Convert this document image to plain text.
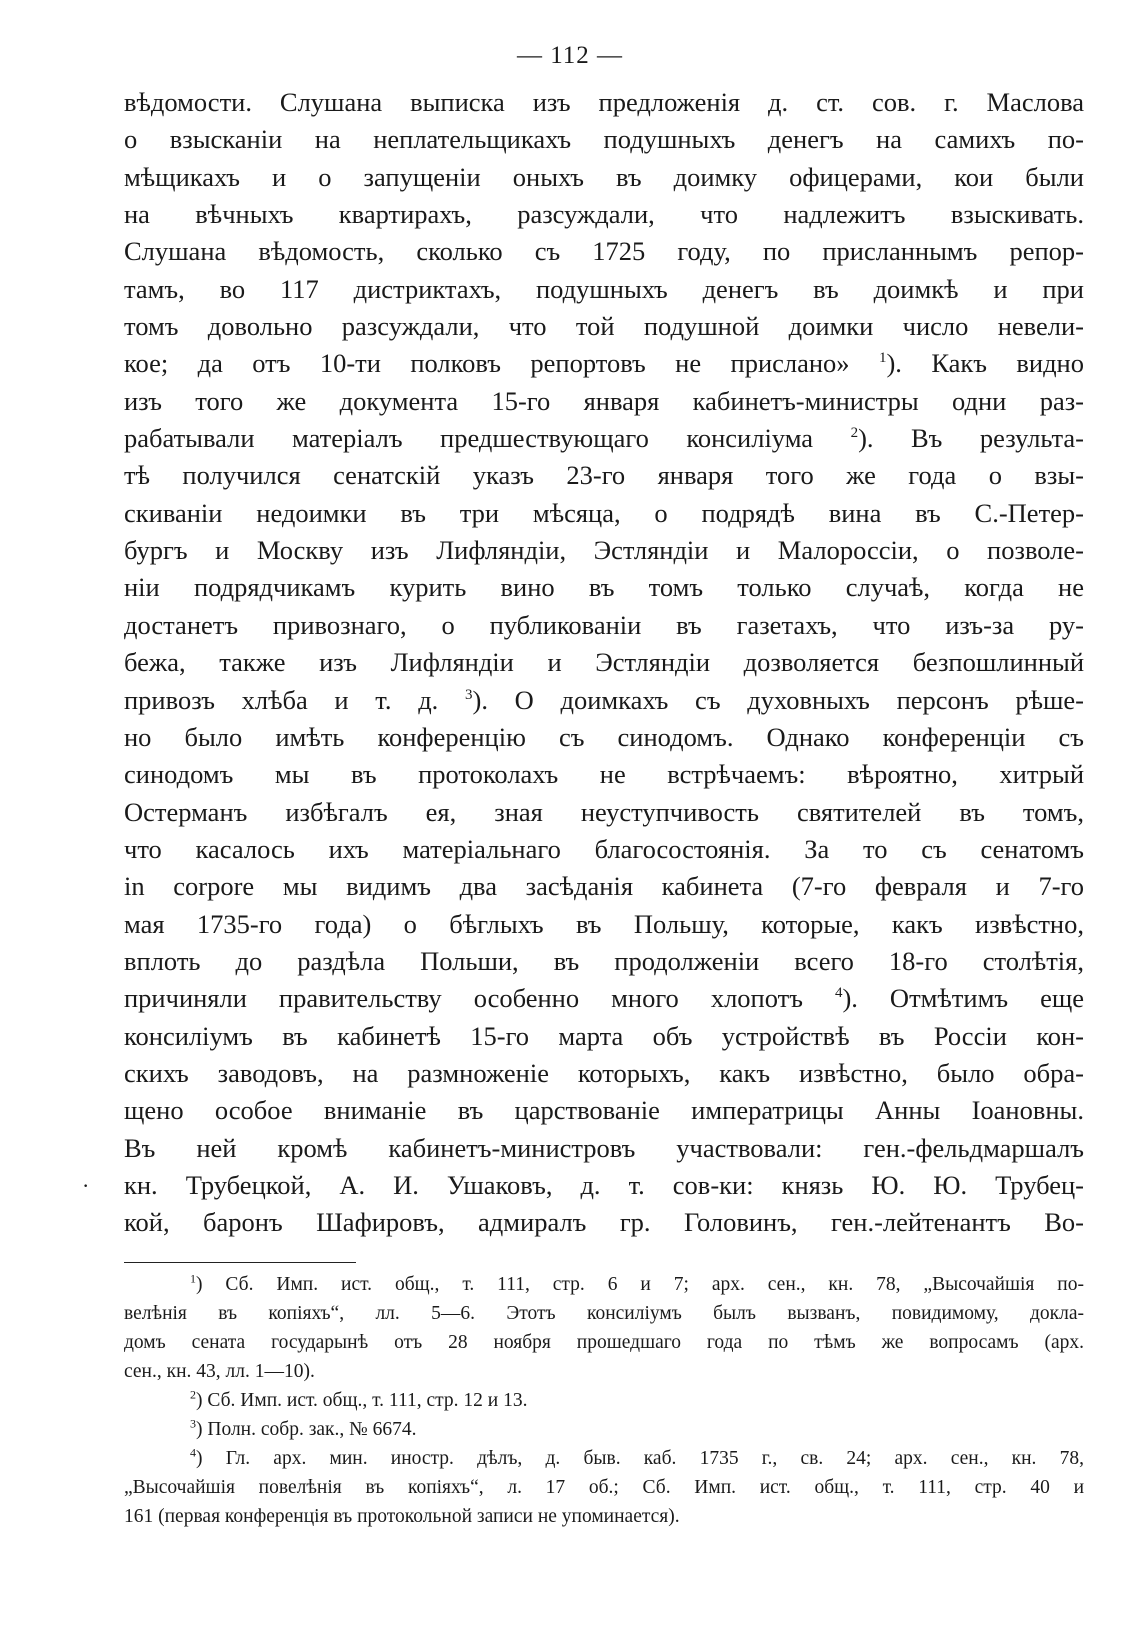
— 112 —
вѣдомости. Слушана выписка изъ предложенія д. ст. сов. г. Маслова
о взысканіи на неплательщикахъ подушныхъ денегъ на самихъ по-
мѣщикахъ и о запущеніи оныхъ въ доимку офицерами, кои были
на вѣчныхъ квартирахъ, разсуждали, что надлежитъ взыскивать.
Слушана вѣдомость, сколько съ 1725 году, по присланнымъ репор-
тамъ, во 117 дистриктахъ, подушныхъ денегъ въ доимкѣ и при
томъ довольно разсуждали, что той подушной доимки число невели-
кое; да отъ 10-ти полковъ репортовъ не прислано» $^1$). Какъ видно
изъ того же документа 15-го января кабинетъ-министры одни раз-
рабатывали матеріалъ предшествующаго консиліума	$^2$). Въ результа-
тѣ получился сенатскій указъ 23-го января того же года о взы-
скиваніи недоимки въ три мѣсяца, о подрядѣ вина въ С.-Петер-
бургъ и Москву изъ Лифляндіи, Эстляндіи и Малороссіи, о позволе-
ніи подрядчикамъ курить вино въ томъ только случаѣ, когда не
достанетъ привознаго, о публикованіи въ газетахъ, что изъ-за ру-
бежа, также изъ Лифляндіи и Эстляндіи дозволяется безпошлинный
привозъ хлѣба и т. д. $^3$). О доимкахъ съ духовныхъ персонъ рѣше-
но было имѣть конференцію съ синодомъ. Однако конференціи съ
синодомъ мы въ протоколахъ не встрѣчаемъ: вѣроятно, хитрый
Остерманъ избѣгалъ ея, зная неуступчивость святителей въ томъ,
что касалось ихъ матеріальнаго благосостоянія. За то съ сенатомъ
in corpore мы видимъ два засѣданія кабинета (7-го февраля и 7-го
мая 1735-го года) о бѣглыхъ въ Польшу, которые, какъ извѣстно,
вплоть до раздѣла Польши, въ продолженіи всего 18-го столѣтія,
причиняли правительству особенно много хлопотъ $^4$). Отмѣтимъ еще
консиліумъ въ кабинетѣ 15-го марта объ устройствѣ въ Россіи кон-
скихъ заводовъ, на размноженіе которыхъ, какъ извѣстно, было обра-
щено особое вниманіе въ царствованіе императрицы Анны Іоановны.
Въ ней кромѣ кабинетъ-министровъ участвовали: ген.-фельдмаршалъ
кн. Трубецкой, А. И. Ушаковъ, д. т. сов-ки: князь Ю. Ю. Трубец-
кой, баронъ Шафировъ, адмиралъ гр. Головинъ, ген.-лейтенантъ Во-
·
$^1$) Сб. Имп. ист. общ., т. 111, стр. 6 и 7; арх. сен., кн. 78, „Высочайшія по-
велѣнія въ копіяхъ“, лл. 5—6. Этотъ консиліумъ былъ вызванъ, повидимому, докла-
домъ сената государынѣ отъ 28 ноября прошедшаго года по тѣмъ же вопросамъ (арх.
сен., кн. 43, лл. 1—10).
$^2$) Сб. Имп. ист. общ., т. 111, стр. 12 и 13.
$^3$) Полн. собр. зак., № 6674.
$^4$) Гл. арх. мин. иностр. дѣлъ, д. быв. каб. 1735 г., св. 24; арх. сен., кн. 78,
„Высочайшія повелѣнія въ копіяхъ“, л. 17 об.; Сб. Имп. ист. общ., т. 111, стр. 40 и
161 (первая конференція въ протокольной записи не упоминается).
